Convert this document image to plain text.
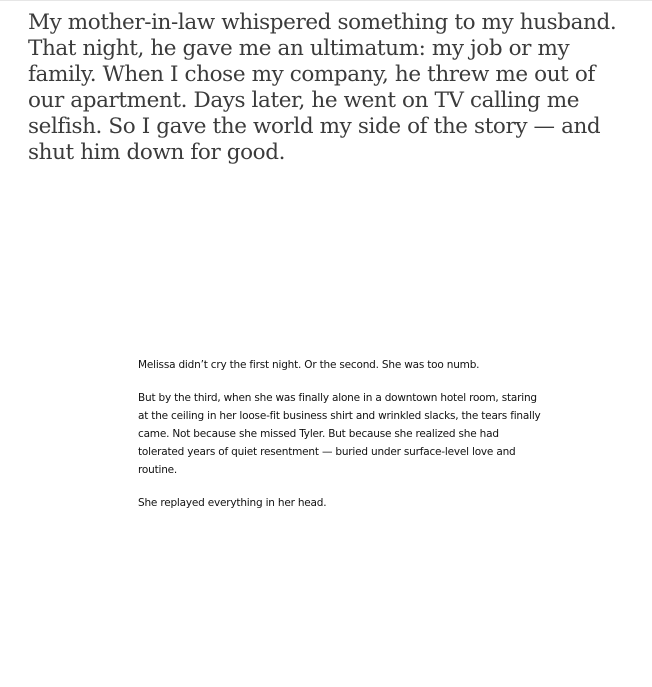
My mother-in-law whispered something to my husband. That night, he gave me an ultimatum: my job or my family. When I chose my company, he threw me out of our apartment. Days later, he went on TV calling me selfish. So I gave the world my side of the story — and shut him down for good.

Melissa didn’t cry the first night. Or the second. She was too numb.

But by the third, when she was finally alone in a downtown hotel room, staring at the ceiling in her loose-fit business shirt and wrinkled slacks, the tears finally came. Not because she missed Tyler. But because she realized she had tolerated years of quiet resentment — buried under surface-level love and routine.

She replayed everything in her head.
